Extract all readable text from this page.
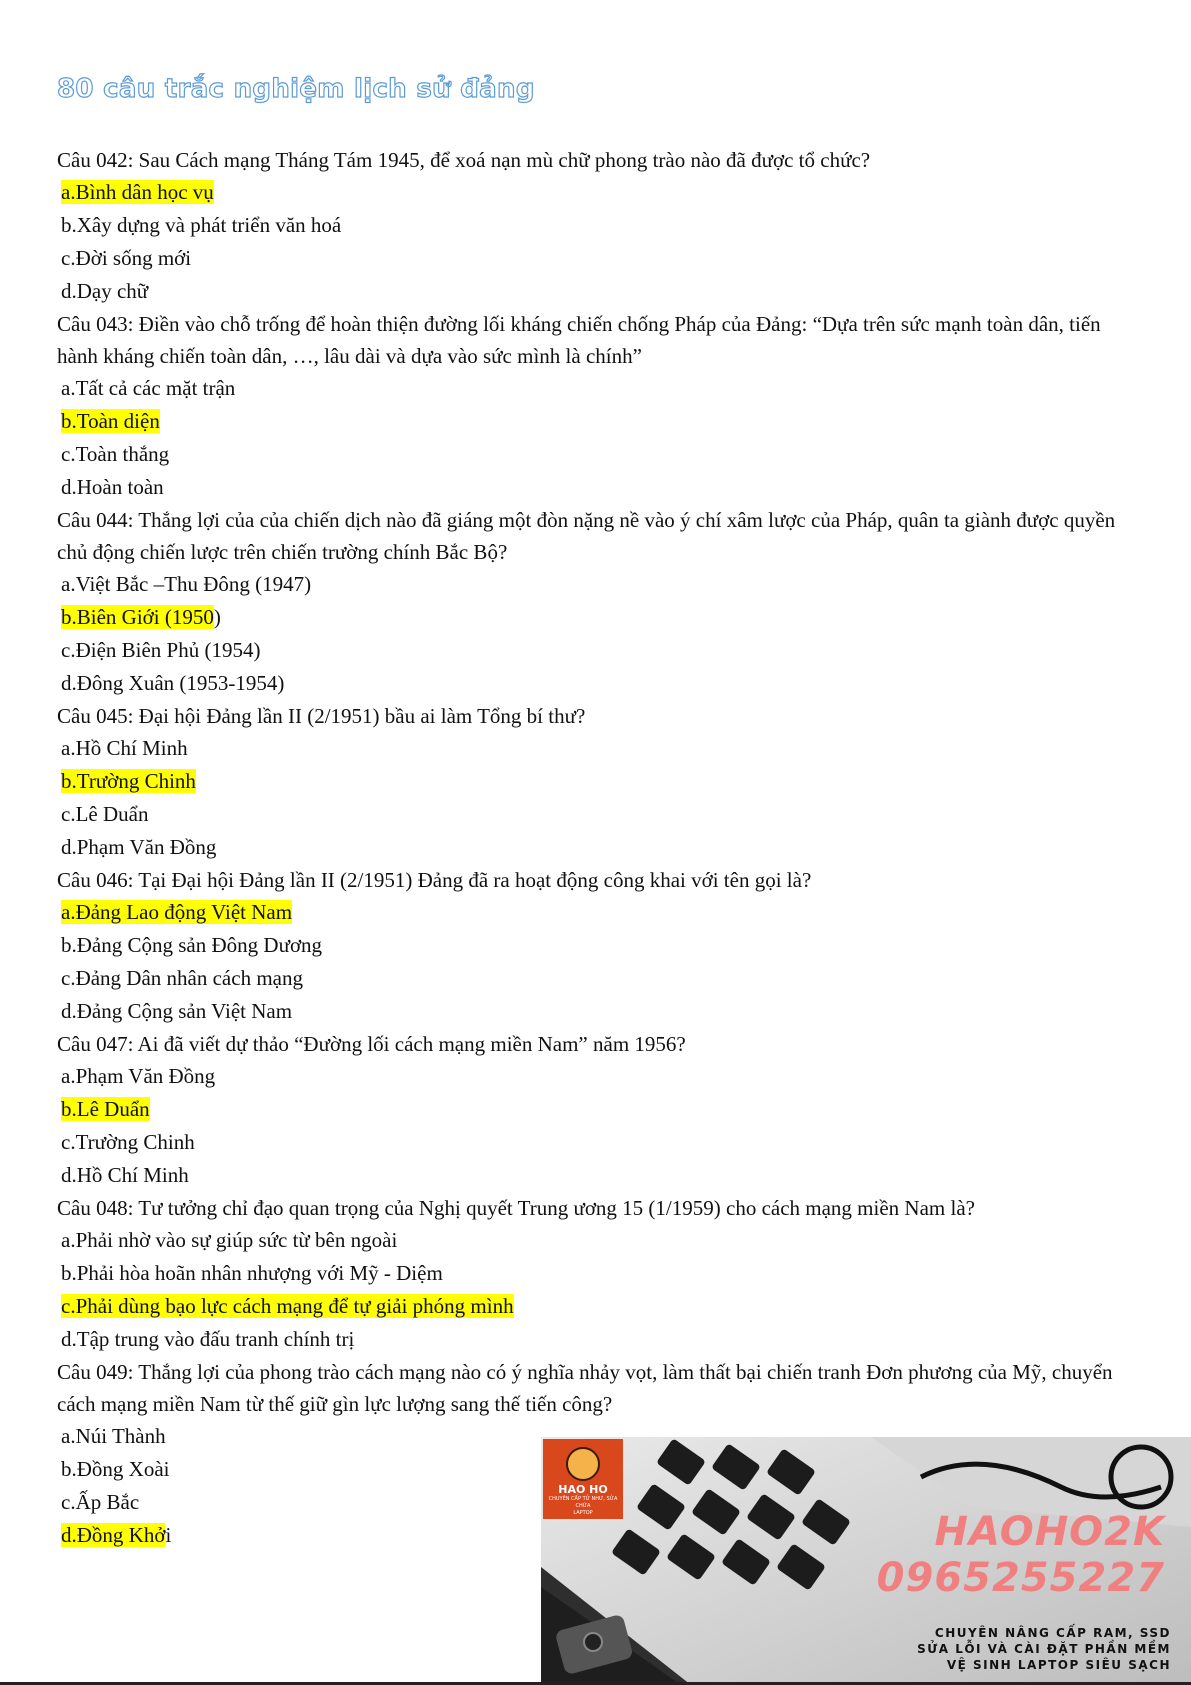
80 câu trắc nghiệm lịch sử đảng

Câu 042: Sau Cách mạng Tháng Tám 1945, để xoá nạn mù chữ phong trào nào đã được tổ chức?

a.Bình dân học vụ
b.Xây dựng và phát triển văn hoá
c.Đời sống mới
d.Dạy chữ

Câu 043: Điền vào chỗ trống để hoàn thiện đường lối kháng chiến chống Pháp của Đảng: “Dựa trên sức mạnh toàn dân, tiến hành kháng chiến toàn dân, …, lâu dài và dựa vào sức mình là chính”

a.Tất cả các mặt trận
b.Toàn diện
c.Toàn thắng
d.Hoàn toàn

Câu 044: Thắng lợi của của chiến dịch nào đã giáng một đòn nặng nề vào ý chí xâm lược của Pháp, quân ta giành được quyền chủ động chiến lược trên chiến trường chính Bắc Bộ?

a.Việt Bắc –Thu Đông (1947)
b.Biên Giới (1950)
c.Điện Biên Phủ (1954)
d.Đông Xuân (1953-1954)

Câu 045: Đại hội Đảng lần II (2/1951) bầu ai làm Tổng bí thư?

a.Hồ Chí Minh
b.Trường Chinh
c.Lê Duẩn
d.Phạm Văn Đồng

Câu 046: Tại Đại hội Đảng lần II (2/1951) Đảng đã ra hoạt động công khai với tên gọi là?

a.Đảng Lao động Việt Nam
b.Đảng Cộng sản Đông Dương
c.Đảng Dân nhân cách mạng
d.Đảng Cộng sản Việt Nam

Câu 047: Ai đã viết dự thảo “Đường lối cách mạng miền Nam” năm 1956?

a.Phạm Văn Đồng
b.Lê Duẩn
c.Trường Chinh
d.Hồ Chí Minh

Câu 048: Tư tưởng chỉ đạo quan trọng của Nghị quyết Trung ương 15 (1/1959) cho cách mạng miền Nam là?

a.Phải nhờ vào sự giúp sức từ bên ngoài
b.Phải hòa hoãn nhân nhượng với Mỹ - Diệm
c.Phải dùng bạo lực cách mạng để tự giải phóng mình
d.Tập trung vào đấu tranh chính trị

Câu 049: Thắng lợi của phong trào cách mạng nào có ý nghĩa nhảy vọt, làm thất bại chiến tranh Đơn phương của Mỹ, chuyển cách mạng miền Nam từ thế giữ gìn lực lượng sang thế tiến công?

a.Núi Thành
b.Đồng Xoài
c.Ấp Bắc
d.Đồng Khởi
HAO HO
CHUYÊN CẤP TỬ NHƯ, SỬA CHỮA
LAPTOP	HAOHO2K
0965255227
CHUYÊN NÂNG CẤP RAM, SSD
SỬA LỖI VÀ CÀI ĐẶT PHẦN MỀM
VỆ SINH LAPTOP SIÊU SẠCH
